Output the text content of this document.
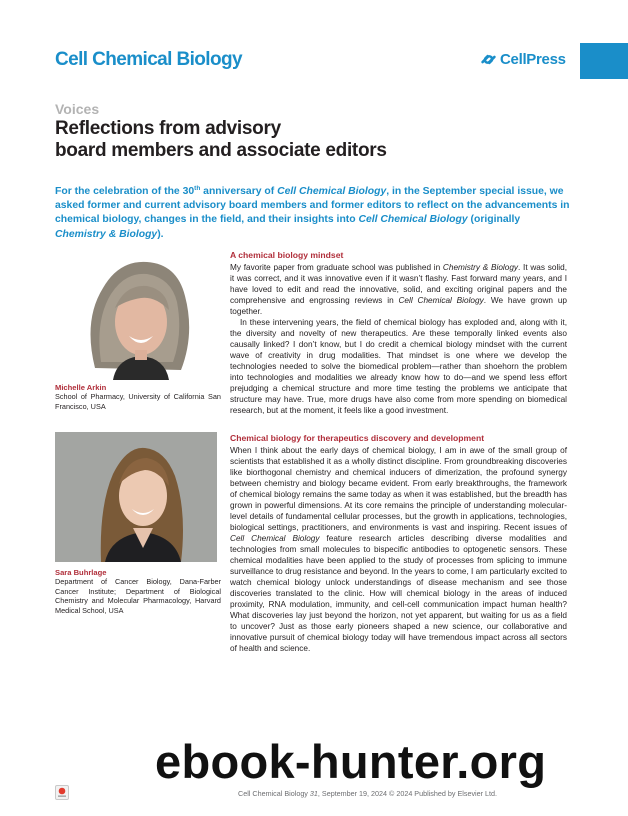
Cell Chemical Biology	CellPress
Voices
Reflections from advisory
board members and associate editors
For the celebration of the 30th anniversary of Cell Chemical Biology, in the September special issue, we asked former and current advisory board members and former editors to reflect on the advancements in chemical biology, changes in the field, and their insights into Cell Chemical Biology (originally Chemistry & Biology).
Michelle Arkin
School of Pharmacy, University of California San Francisco, USA
Sara Buhrlage
Department of Cancer Biology, Dana-Farber Cancer Institute; Department of Biological Chemistry and Molecular Pharmacology, Harvard Medical School, USA
A chemical biology mindset

My favorite paper from graduate school was published in Chemistry & Biology. It was solid, it was correct, and it was innovative even if it wasn’t flashy. Fast forward many years, and I have loved to edit and read the innovative, solid, and exciting original papers and the comprehensive and engrossing reviews in Cell Chemical Biology. We have grown up together.

In these intervening years, the field of chemical biology has exploded and, along with it, the diversity and novelty of new therapeutics. Are these temporally linked events also causally linked? I don’t know, but I do credit a chemical biology mindset with the current wave of creativity in drug modalities. That mindset is one where we develop the technologies needed to solve the biomedical problem—rather than shoehorn the problem into technologies and modalities we already know how to do—and we spend less effort prejudging a chemical structure and more time testing the problems we anticipate that structure may have. True, more drugs have also come from more spending on biomedical research, but at the moment, it feels like a good investment.

Chemical biology for therapeutics discovery and development

When I think about the early days of chemical biology, I am in awe of the small group of scientists that established it as a wholly distinct discipline. From groundbreaking discoveries like biorthogonal chemistry and chemical inducers of dimerization, the profound synergy between chemistry and biology became evident. From early breakthroughs, the framework of chemical biology remains the same today as when it was established, but the breadth has grown in powerful dimensions. At its core remains the principle of understanding molecular-level details of fundamental cellular processes, but the growth in applications, technologies, biological settings, practitioners, and environments is vast and inspiring. Recent issues of Cell Chemical Biology feature research articles describing diverse modalities and technologies from small molecules to bispecific antibodies to optogenetic sensors. These chemical modalities have been applied to the study of processes from splicing to immune surveillance to drug resistance and beyond. In the years to come, I am particularly excited to watch chemical biology unlock understandings of disease mechanism and see those discoveries translated to the clinic. How will chemical biology in the areas of induced proximity, RNA modulation, immunity, and cell-cell communication impact human health? What discoveries lay just beyond the horizon, not yet apparent, but waiting for us as a field to uncover? Just as those early pioneers shaped a new science, our collaborative and innovative pursuit of chemical biology today will have tremendous impact across all sectors of health and science.

Cell Chemical Biology 31, September 19, 2024 © 2024 Published by Elsevier Ltd.
ebook-hunter.org
